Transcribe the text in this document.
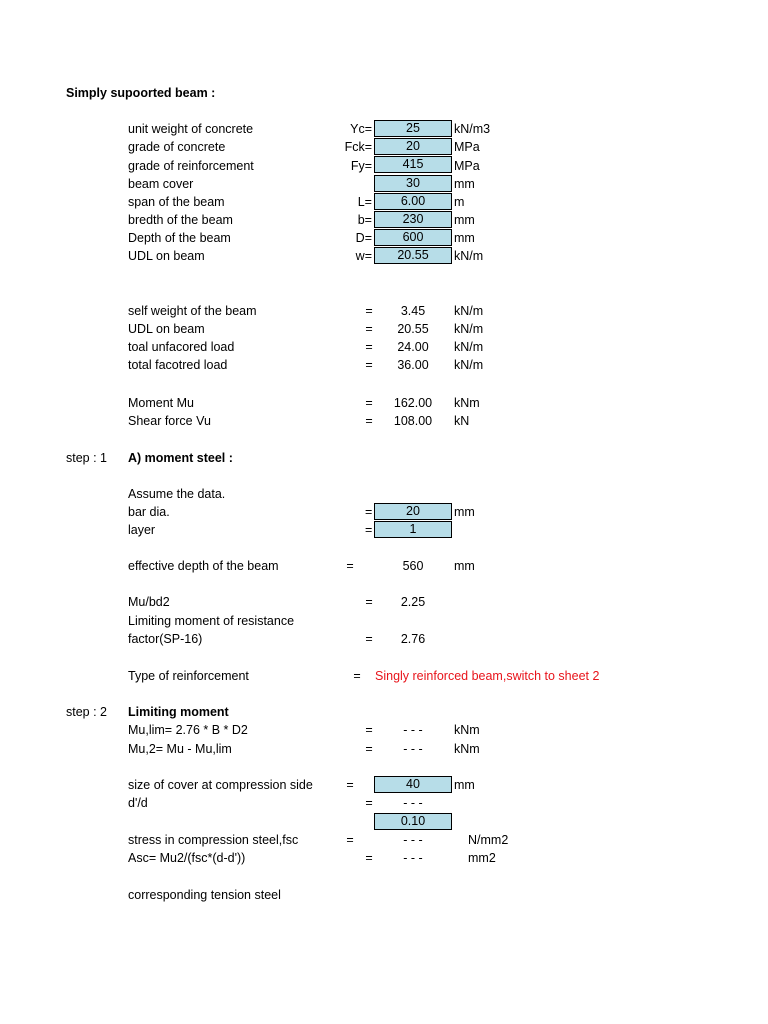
Simply supoorted beam :
unit weight of concrete	Yc=	25	kN/m3
grade of concrete	Fck=	20	MPa
grade of reinforcement	Fy=	415	MPa
beam cover	30	mm
span of the beam	L=	6.00	m
bredth of the beam	b=	230	mm
Depth of the beam	D=	600	mm
UDL on beam	w=	20.55	kN/m
self weight of the beam	=	3.45	kN/m
UDL on beam	=	20.55	kN/m
toal unfacored load	=	24.00	kN/m
total facotred load	=	36.00	kN/m
Moment Mu	=	162.00	kNm
Shear force Vu	=	108.00	kN
step : 1 A) moment steel :
Assume the data.
bar dia.	=	20	mm
layer	=	1
effective depth of the beam	=	560	mm
Mu/bd2	=	2.25
Limiting moment of resistance
factor(SP-16)	=	2.76
Type of reinforcement	=	Singly reinforced beam,switch to sheet 2
step : 2 Limiting moment
Mu,lim= 2.76 * B * D2	=	- - -	kNm
Mu,2= Mu - Mu,lim	=	- - -	kNm
size of cover at compression side	=	40	mm
d'/d	=	- - -
0.10
stress in compression steel,fsc	=	- - -	N/mm2
Asc= Mu2/(fsc*(d-d'))	=	- - -	mm2
corresponding tension steel
